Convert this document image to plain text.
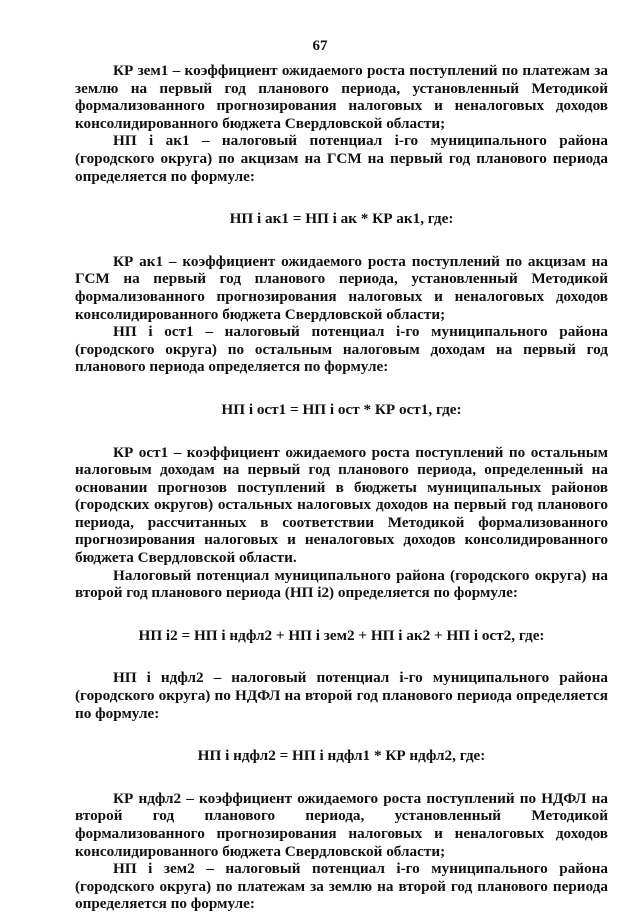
67

КР зем1 – коэффициент ожидаемого роста поступлений по платежам за землю на первый год планового периода, установленный Методикой формализованного прогнозирования налоговых и неналоговых доходов консолидированного бюджета Свердловской области;

НП i ак1 – налоговый потенциал i-го муниципального района (городского округа) по акцизам на ГСМ на первый год планового периода определяется по формуле:

НП i ак1 = НП i ак * КР ак1, где:

КР ак1 – коэффициент ожидаемого роста поступлений по акцизам на ГСМ на первый год планового периода, установленный Методикой формализованного прогнозирования налоговых и неналоговых доходов консолидированного бюджета Свердловской области;

НП i ост1 – налоговый потенциал i-го муниципального района (городского округа) по остальным налоговым доходам на первый год планового периода определяется по формуле:

НП i ост1 = НП i ост * КР ост1, где:

КР ост1 – коэффициент ожидаемого роста поступлений по остальным налоговым доходам на первый год планового периода, определенный на основании прогнозов поступлений в бюджеты муниципальных районов (городских округов) остальных налоговых доходов на первый год планового периода, рассчитанных в соответствии Методикой формализованного прогнозирования налоговых и неналоговых доходов консолидированного бюджета Свердловской области.

Налоговый потенциал муниципального района (городского округа) на второй год планового периода (НП i2) определяется по формуле:

НП i2 = НП i ндфл2 + НП i зем2 + НП i ак2 + НП i ост2, где:

НП i ндфл2 – налоговый потенциал i-го муниципального района (городского округа) по НДФЛ на второй год планового периода определяется по формуле:

НП i ндфл2 = НП i ндфл1 * КР ндфл2, где:

КР ндфл2 – коэффициент ожидаемого роста поступлений по НДФЛ на второй год планового периода, установленный Методикой формализованного прогнозирования налоговых и неналоговых доходов консолидированного бюджета Свердловской области;

НП i зем2 – налоговый потенциал i-го муниципального района (городского округа) по платежам за землю на второй год планового периода определяется по формуле:
